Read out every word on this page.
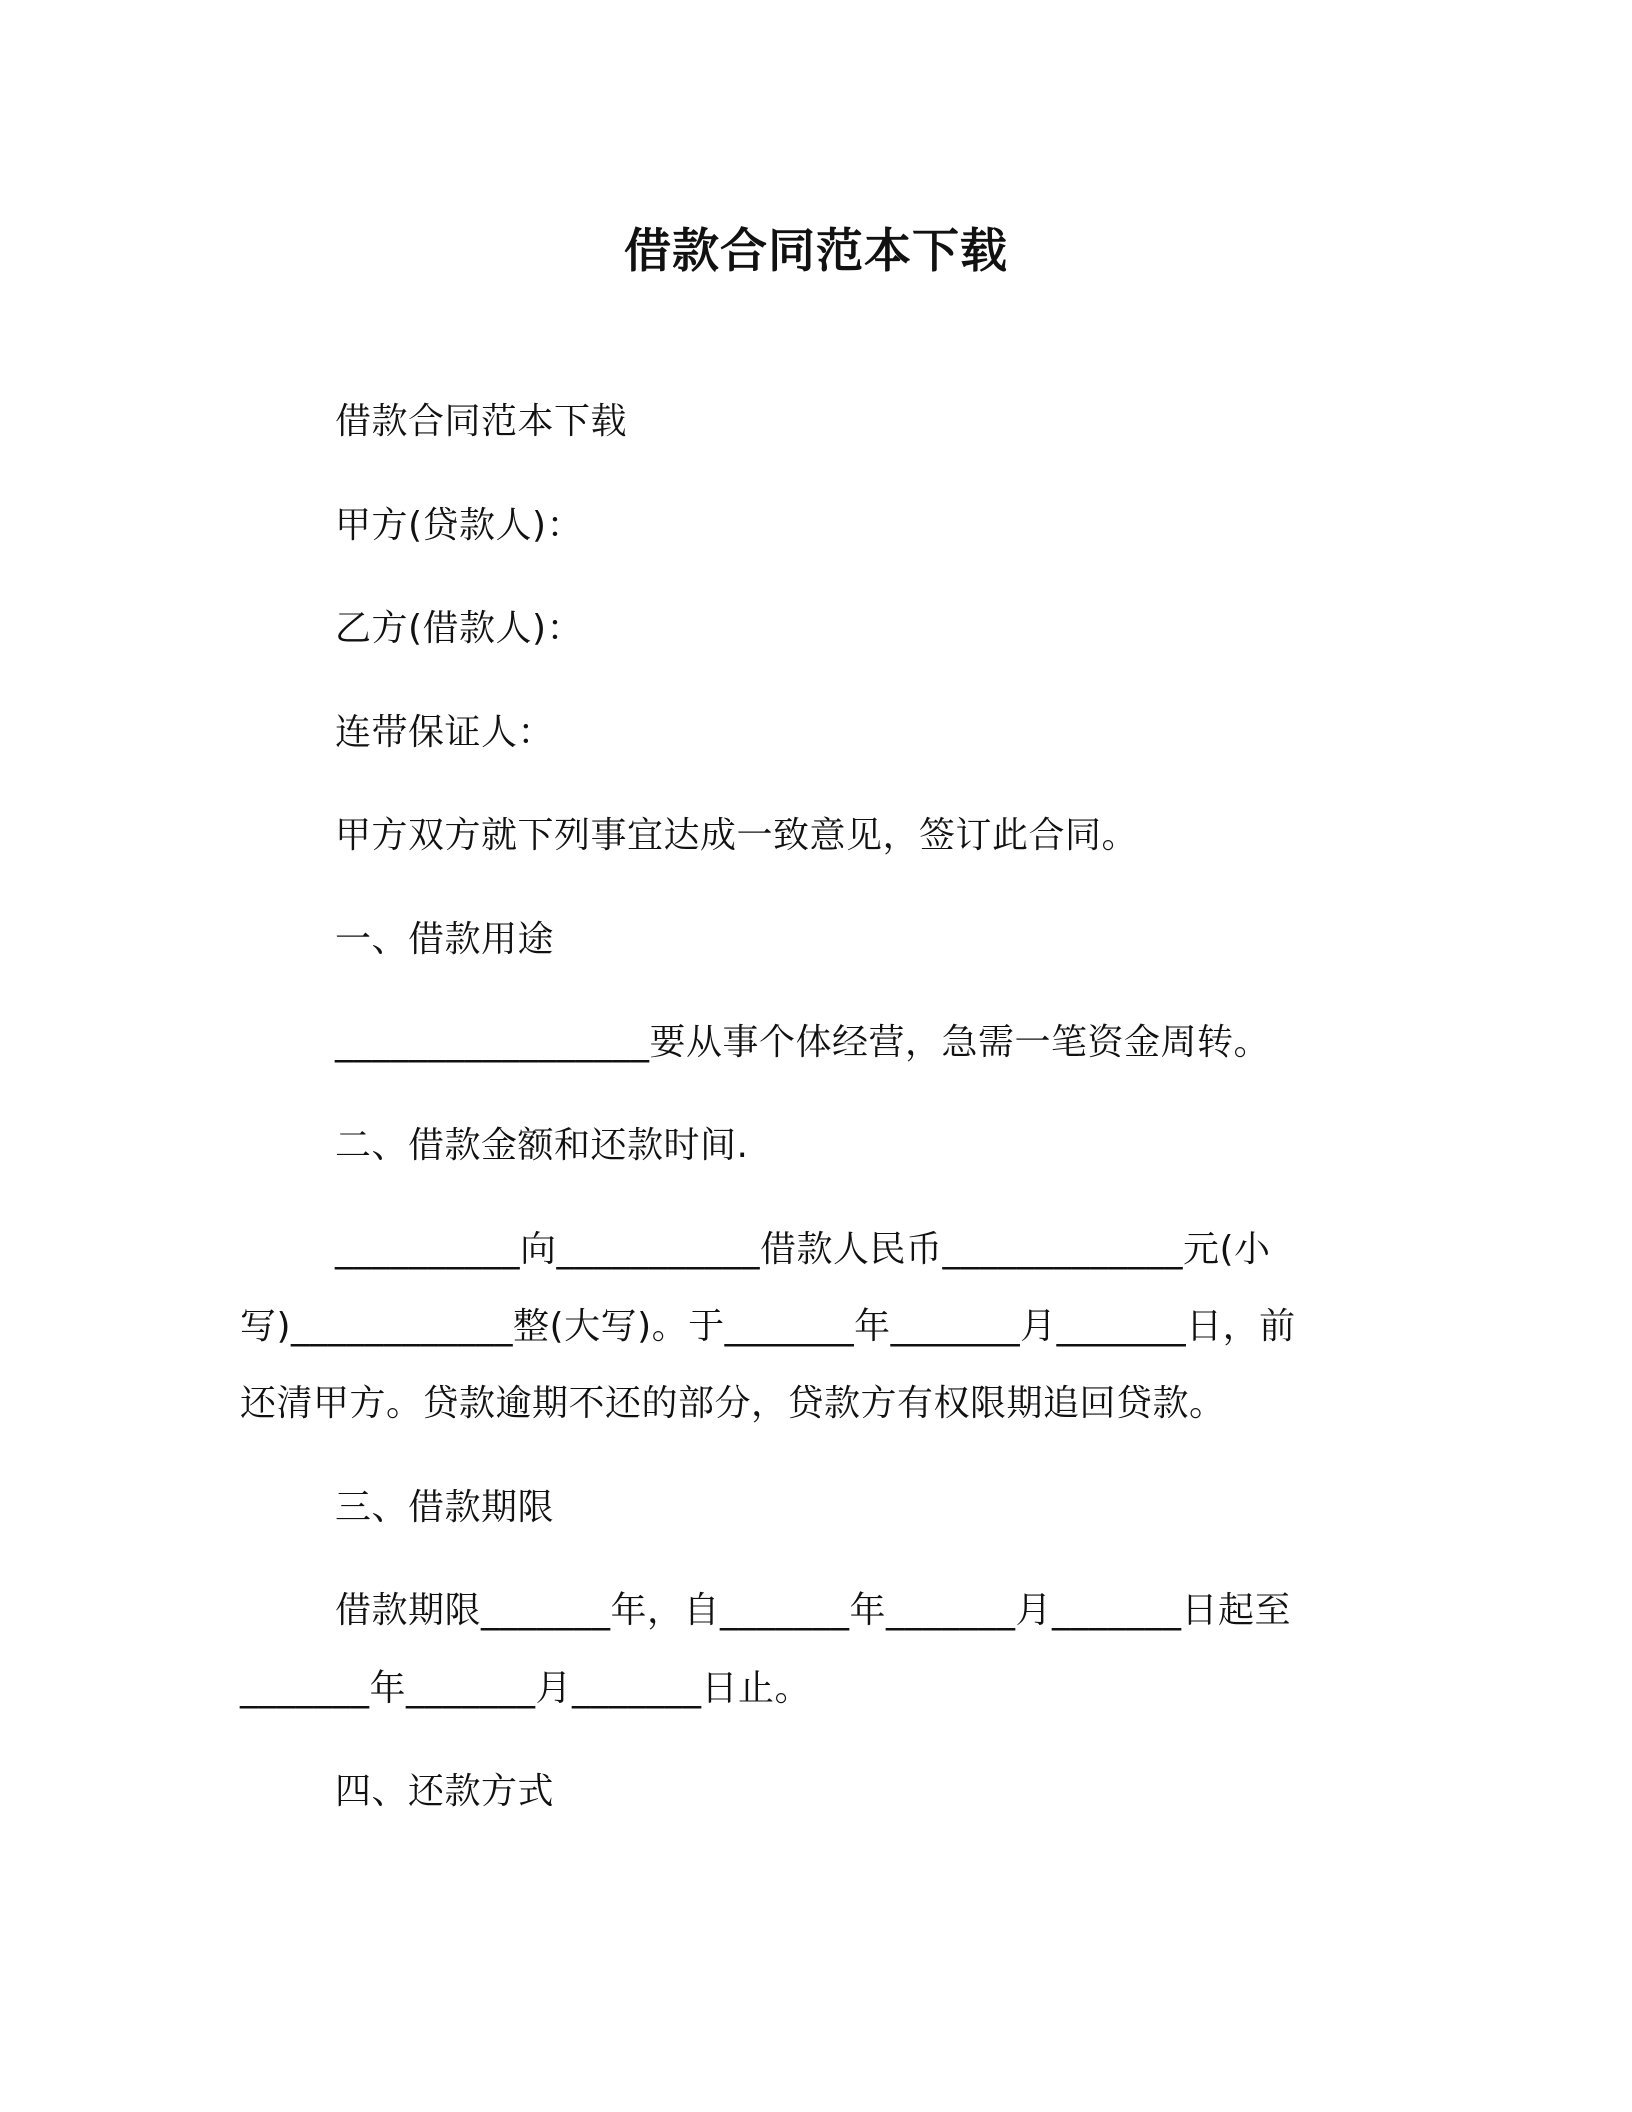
借款合同范本下载
借款合同范本下载
甲方(贷款人)：
乙方(借款人)：
连带保证人：
甲方双方就下列事宜达成一致意见，签订此合同。
一、借款用途
_________________要从事个体经营，急需一笔资金周转。
二、借款金额和还款时间.
__________向___________借款人民币_____________元(小
写)____________整(大写)。于_______年_______月_______日，前
还清甲方。贷款逾期不还的部分，贷款方有权限期追回贷款。
三、借款期限
借款期限_______年，自_______年_______月_______日起至
_______年_______月_______日止。
四、还款方式
